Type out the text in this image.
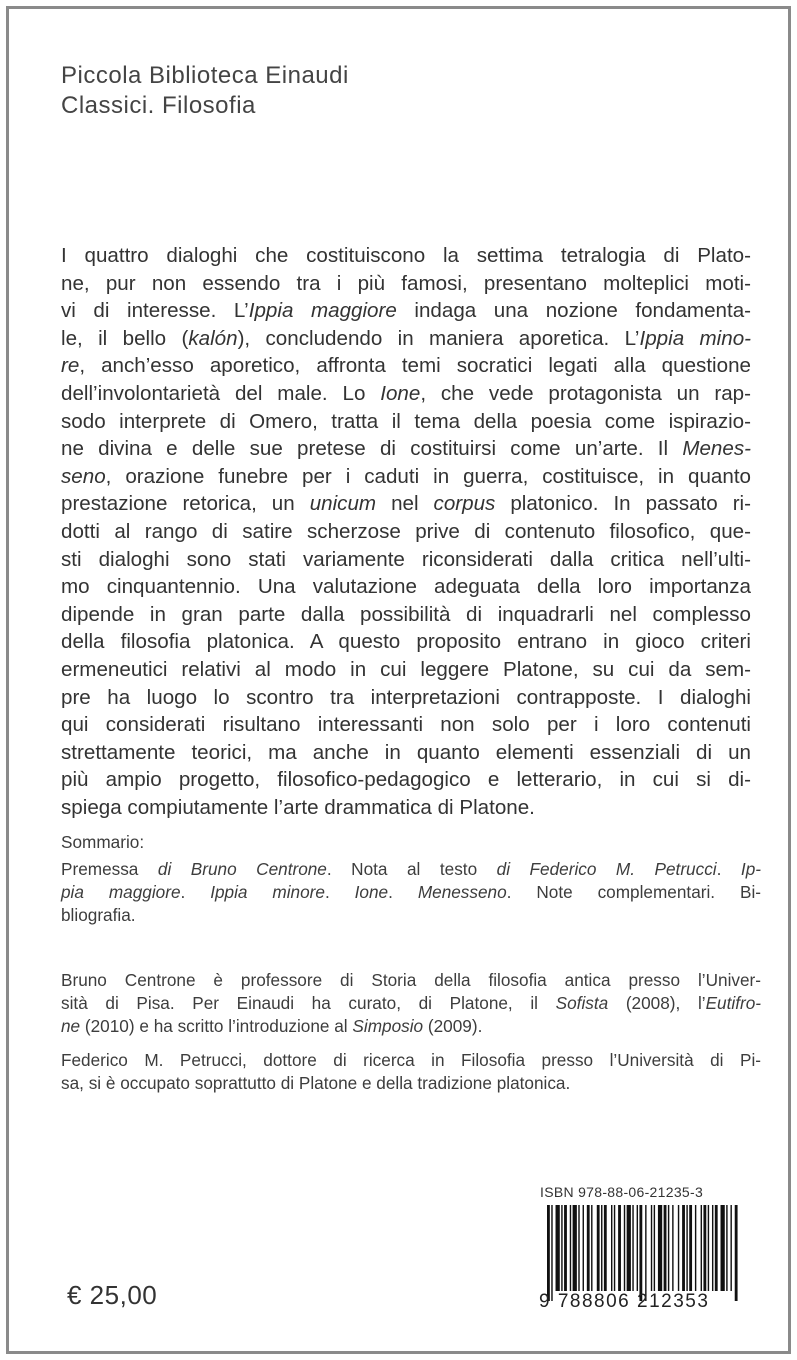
Piccola Biblioteca Einaudi
Classici. Filosofia
I quattro dialoghi che costituiscono la settima tetralogia di Plato-
ne, pur non essendo tra i più famosi, presentano molteplici moti-
vi di interesse. L’Ippia maggiore indaga una nozione fondamenta-
le, il bello (kalón), concludendo in maniera aporetica. L’Ippia mino-
re, anch’esso aporetico, affronta temi socratici legati alla questione
dell’involontarietà del male. Lo Ione, che vede protagonista un rap-
sodo interprete di Omero, tratta il tema della poesia come ispirazio-
ne divina e delle sue pretese di costituirsi come un’arte. Il Menes-
seno, orazione funebre per i caduti in guerra, costituisce, in quanto
prestazione retorica, un unicum nel corpus platonico. In passato ri-
dotti al rango di satire scherzose prive di contenuto filosofico, que-
sti dialoghi sono stati variamente riconsiderati dalla critica nell’ulti-
mo cinquantennio. Una valutazione adeguata della loro importanza
dipende in gran parte dalla possibilità di inquadrarli nel complesso
della filosofia platonica. A questo proposito entrano in gioco criteri
ermeneutici relativi al modo in cui leggere Platone, su cui da sem-
pre ha luogo lo scontro tra interpretazioni contrapposte. I dialoghi
qui considerati risultano interessanti non solo per i loro contenuti
strettamente teorici, ma anche in quanto elementi essenziali di un
più ampio progetto, filosofico-pedagogico e letterario, in cui si di-
spiega compiutamente l’arte drammatica di Platone.
Sommario:
Premessa di Bruno Centrone. Nota al testo di Federico M. Petrucci. Ip-
pia maggiore. Ippia minore. Ione. Menesseno. Note complementari. Bi-
bliografia.
Bruno Centrone è professore di Storia della filosofia antica presso l’Univer-
sità di Pisa. Per Einaudi ha curato, di Platone, il Sofista (2008), l’Eutifro-
ne (2010) e ha scritto l’introduzione al Simposio (2009).
Federico M. Petrucci, dottore di ricerca in Filosofia presso l’Università di Pi-
sa, si è occupato soprattutto di Platone e della tradizione platonica.
ISBN 978-88-06-21235-3
9 788806 212353
€ 25,00
